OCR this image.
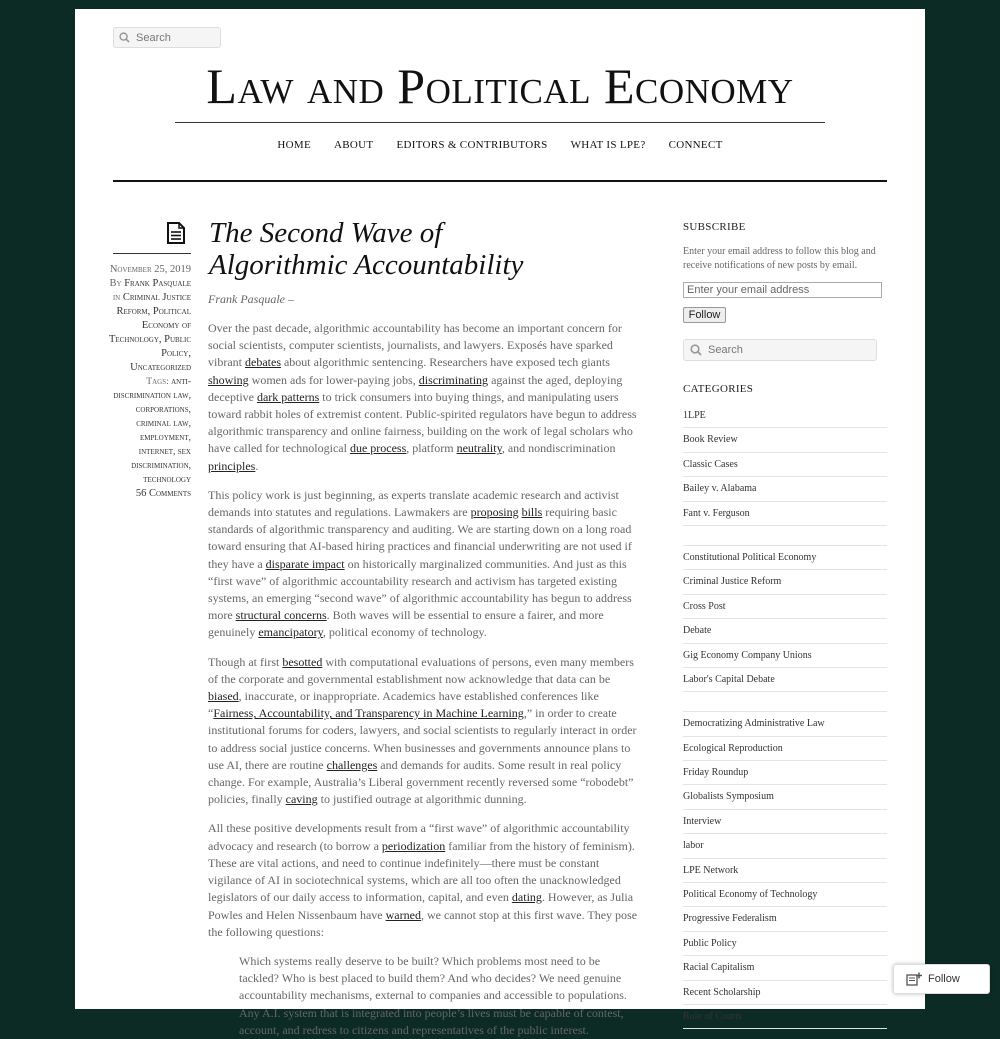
Search
Law and Political Economy
HOME ABOUT EDITORS & CONTRIBUTORS WHAT IS LPE? CONNECT
November 25, 2019
By Frank Pasquale
in Criminal Justice Reform, Political Economy of Technology, Public Policy, Uncategorized
Tags: anti-discrimination law, corporations, criminal law, employment, internet, sex discrimination, technology
56 Comments
The Second Wave of Algorithmic Accountability
Frank Pasquale –

Over the past decade, algorithmic accountability has become an important concern for social scientists, computer scientists, journalists, and lawyers. Exposés have sparked vibrant debates about algorithmic sentencing. Researchers have exposed tech giants showing women ads for lower-paying jobs, discriminating against the aged, deploying deceptive dark patterns to trick consumers into buying things, and manipulating users toward rabbit holes of extremist content. Public-spirited regulators have begun to address algorithmic transparency and online fairness, building on the work of legal scholars who have called for technological due process, platform neutrality, and nondiscrimination principles.

This policy work is just beginning, as experts translate academic research and activist demands into statutes and regulations. Lawmakers are proposing bills requiring basic standards of algorithmic transparency and auditing. We are starting down on a long road toward ensuring that AI-based hiring practices and financial underwriting are not used if they have a disparate impact on historically marginalized communities. And just as this “first wave” of algorithmic accountability research and activism has targeted existing systems, an emerging “second wave” of algorithmic accountability has begun to address more structural concerns. Both waves will be essential to ensure a fairer, and more genuinely emancipatory, political economy of technology.

Though at first besotted with computational evaluations of persons, even many members of the corporate and governmental establishment now acknowledge that data can be biased, inaccurate, or inappropriate. Academics have established conferences like “Fairness, Accountability, and Transparency in Machine Learning,” in order to create institutional forums for coders, lawyers, and social scientists to regularly interact in order to address social justice concerns. When businesses and governments announce plans to use AI, there are routine challenges and demands for audits. Some result in real policy change. For example, Australia’s Liberal government recently reversed some “robodebt” policies, finally caving to justified outrage at algorithmic dunning.

All these positive developments result from a “first wave” of algorithmic accountability advocacy and research (to borrow a periodization familiar from the history of feminism). These are vital actions, and need to continue indefinitely—there must be constant vigilance of AI in sociotechnical systems, which are all too often the unacknowledged legislators of our daily access to information, capital, and even dating. However, as Julia Powles and Helen Nissenbaum have warned, we cannot stop at this first wave. They pose the following questions:

Which systems really deserve to be built? Which problems most need to be tackled? Who is best placed to build them? And who decides? We need genuine accountability mechanisms, external to companies and accessible to populations. Any A.I. system that is integrated into people’s lives must be capable of contest, account, and redress to citizens and representatives of the public interest.
SUBSCRIBE
Enter your email address to follow this blog and receive notifications of new posts by email.
Enter your email address
Follow
Search
CATEGORIES
1LPE
Book Review
Classic Cases
Bailey v. Alabama
Fant v. Ferguson
Constitutional Political Economy
Criminal Justice Reform
Cross Post
Debate
Gig Economy Company Unions
Labor's Capital Debate
Democratizing Administrative Law
Ecological Reproduction
Friday Roundup
Globalists Symposium
Interview
labor
LPE Network
Political Economy of Technology
Progressive Federalism
Public Policy
Racial Capitalism
Recent Scholarship
Role of Courts
Follow
